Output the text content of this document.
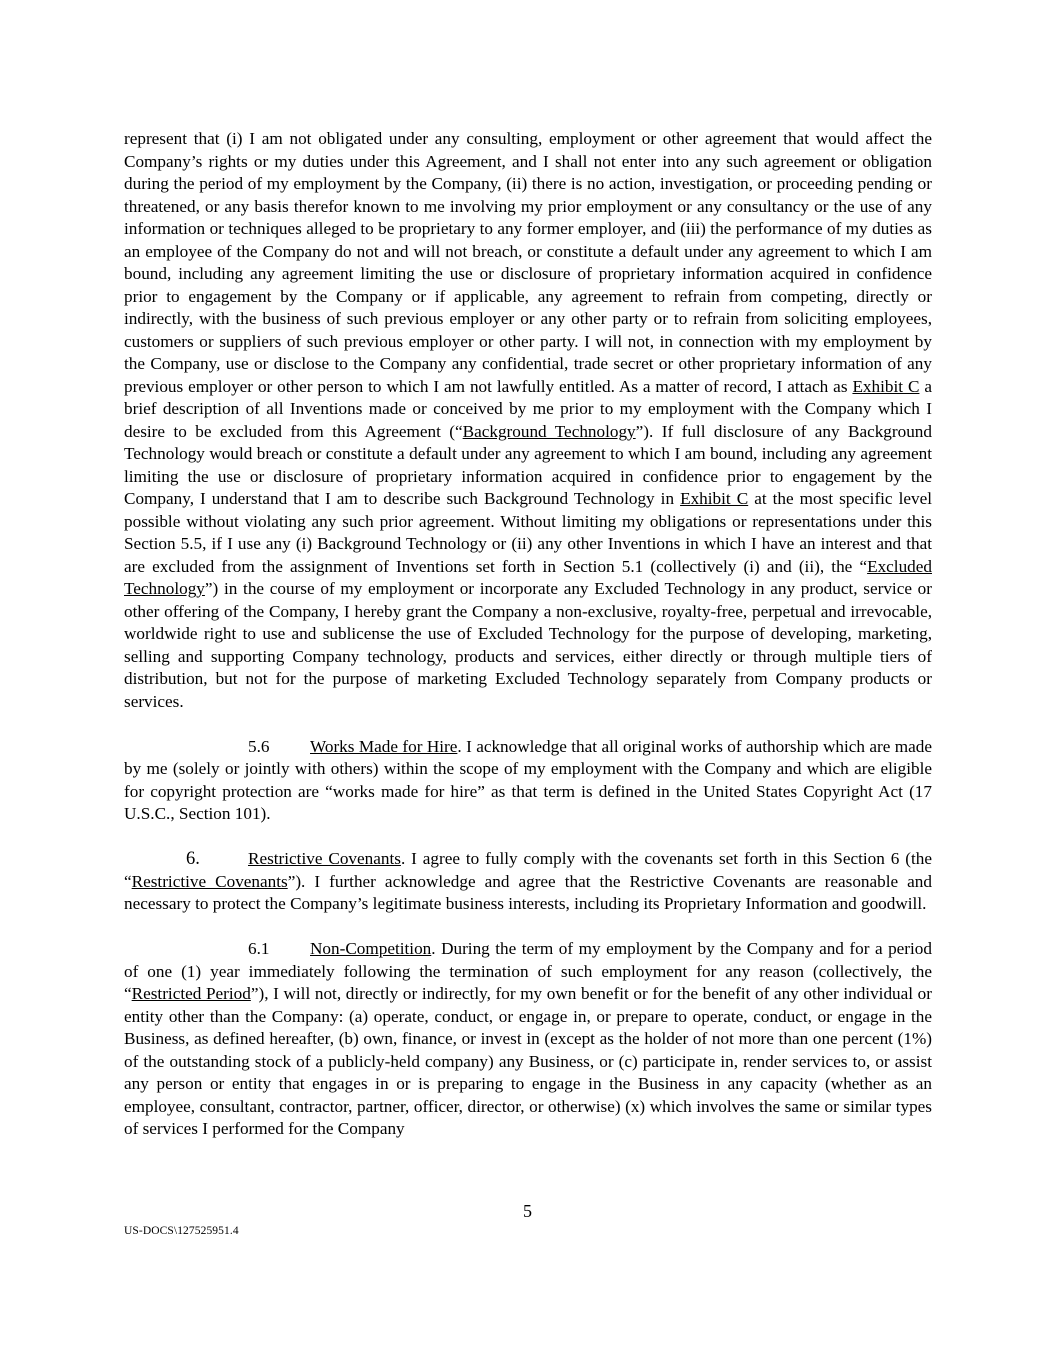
represent that (i) I am not obligated under any consulting, employment or other agreement that would affect the Company’s rights or my duties under this Agreement, and I shall not enter into any such agreement or obligation during the period of my employment by the Company, (ii) there is no action, investigation, or proceeding pending or threatened, or any basis therefor known to me involving my prior employment or any consultancy or the use of any information or techniques alleged to be proprietary to any former employer, and (iii) the performance of my duties as an employee of the Company do not and will not breach, or constitute a default under any agreement to which I am bound, including any agreement limiting the use or disclosure of proprietary information acquired in confidence prior to engagement by the Company or if applicable, any agreement to refrain from competing, directly or indirectly, with the business of such previous employer or any other party or to refrain from soliciting employees, customers or suppliers of such previous employer or other party. I will not, in connection with my employment by the Company, use or disclose to the Company any confidential, trade secret or other proprietary information of any previous employer or other person to which I am not lawfully entitled. As a matter of record, I attach as Exhibit C a brief description of all Inventions made or conceived by me prior to my employment with the Company which I desire to be excluded from this Agreement (“Background Technology”). If full disclosure of any Background Technology would breach or constitute a default under any agreement to which I am bound, including any agreement limiting the use or disclosure of proprietary information acquired in confidence prior to engagement by the Company, I understand that I am to describe such Background Technology in Exhibit C at the most specific level possible without violating any such prior agreement. Without limiting my obligations or representations under this Section 5.5, if I use any (i) Background Technology or (ii) any other Inventions in which I have an interest and that are excluded from the assignment of Inventions set forth in Section 5.1 (collectively (i) and (ii), the “Excluded Technology”) in the course of my employment or incorporate any Excluded Technology in any product, service or other offering of the Company, I hereby grant the Company a non-exclusive, royalty-free, perpetual and irrevocable, worldwide right to use and sublicense the use of Excluded Technology for the purpose of developing, marketing, selling and supporting Company technology, products and services, either directly or through multiple tiers of distribution, but not for the purpose of marketing Excluded Technology separately from Company products or services.

5.6 Works Made for Hire. I acknowledge that all original works of authorship which are made by me (solely or jointly with others) within the scope of my employment with the Company and which are eligible for copyright protection are “works made for hire” as that term is defined in the United States Copyright Act (17 U.S.C., Section 101).

6.	Restrictive Covenants. I agree to fully comply with the covenants set forth in this Section 6 (the “Restrictive Covenants”). I further acknowledge and agree that the Restrictive Covenants are reasonable and necessary to protect the Company’s legitimate business interests, including its Proprietary Information and goodwill.

6.1 Non-Competition. During the term of my employment by the Company and for a period of one (1) year immediately following the termination of such employment for any reason (collectively, the “Restricted Period”), I will not, directly or indirectly, for my own benefit or for the benefit of any other individual or entity other than the Company: (a) operate, conduct, or engage in, or prepare to operate, conduct, or engage in the Business, as defined hereafter, (b) own, finance, or invest in (except as the holder of not more than one percent (1%) of the outstanding stock of a publicly-held company) any Business, or (c) participate in, render services to, or assist any person or entity that engages in or is preparing to engage in the Business in any capacity (whether as an employee, consultant, contractor, partner, officer, director, or otherwise) (x) which involves the same or similar types of services I performed for the Company

5
US-DOCS\127525951.4
